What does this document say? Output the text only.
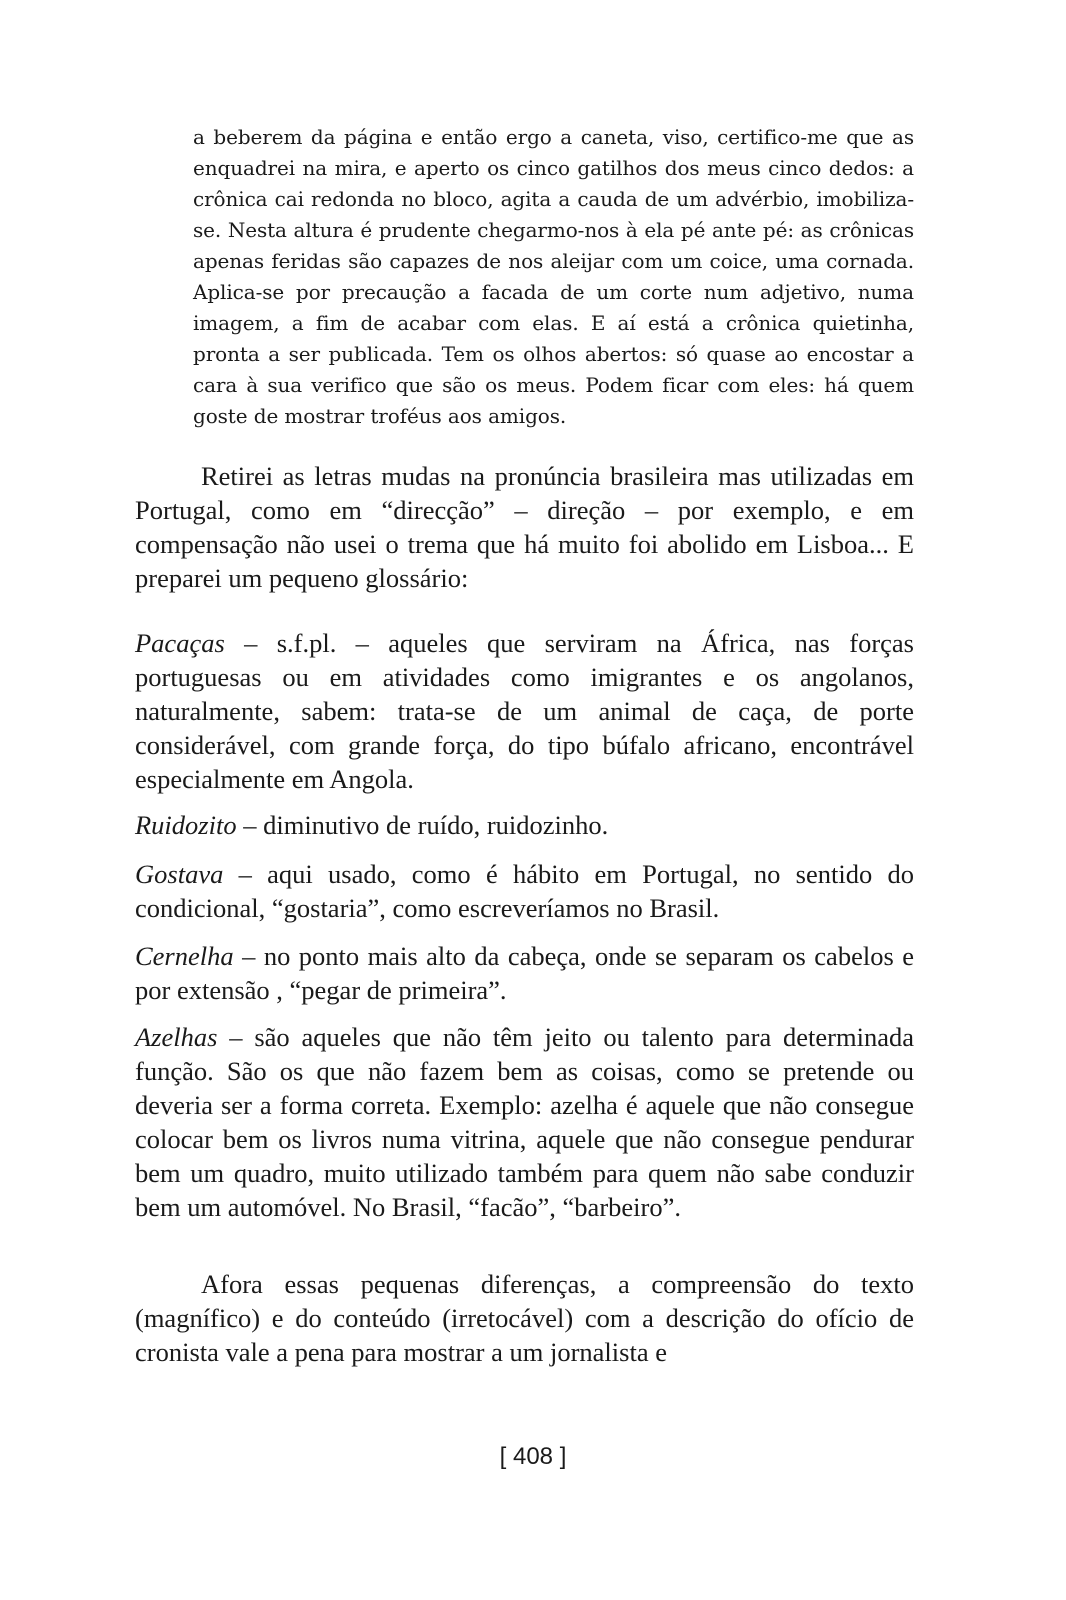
a beberem da página e então ergo a caneta, viso, certifico-me que as enquadrei na mira, e aperto os cinco gatilhos dos meus cinco dedos: a crônica cai redonda no bloco, agita a cauda de um advérbio, imobiliza-se. Nesta altura é prudente chegarmo-nos à ela pé ante pé: as crônicas apenas feridas são capazes de nos aleijar com um coice, uma cornada. Aplica-se por precaução a facada de um corte num adjetivo, numa imagem, a fim de acabar com elas. E aí está a crônica quietinha, pronta a ser publicada. Tem os olhos abertos: só quase ao encostar a cara à sua verifico que são os meus. Podem ficar com eles: há quem goste de mostrar troféus aos amigos.

Retirei as letras mudas na pronúncia brasileira mas utilizadas em Portugal, como em “direcção” – direção – por exemplo, e em compensação não usei o trema que há muito foi abolido em Lisboa... E preparei um pequeno glossário:

Pacaças – s.f.pl. – aqueles que serviram na África, nas forças portuguesas ou em atividades como imigrantes e os angolanos, naturalmente, sabem: trata-se de um animal de caça, de porte considerável, com grande força, do tipo búfalo africano, encontrável especialmente em Angola.

Ruidozito – diminutivo de ruído, ruidozinho.

Gostava – aqui usado, como é hábito em Portugal, no sentido do condicional, “gostaria”, como escreveríamos no Brasil.

Cernelha – no ponto mais alto da cabeça, onde se separam os cabelos e por extensão , “pegar de primeira”.

Azelhas – são aqueles que não têm jeito ou talento para determinada função. São os que não fazem bem as coisas, como se pretende ou deveria ser a forma correta. Exemplo: azelha é aquele que não consegue colocar bem os livros numa vitrina, aquele que não consegue pendurar bem um quadro, muito utilizado também para quem não sabe conduzir bem um automóvel. No Brasil, “facão”, “barbeiro”.

Afora essas pequenas diferenças, a compreensão do texto (magnífico) e do conteúdo (irretocável) com a descrição do ofício de cronista vale a pena para mostrar a um jornalista e

[ 408 ]
